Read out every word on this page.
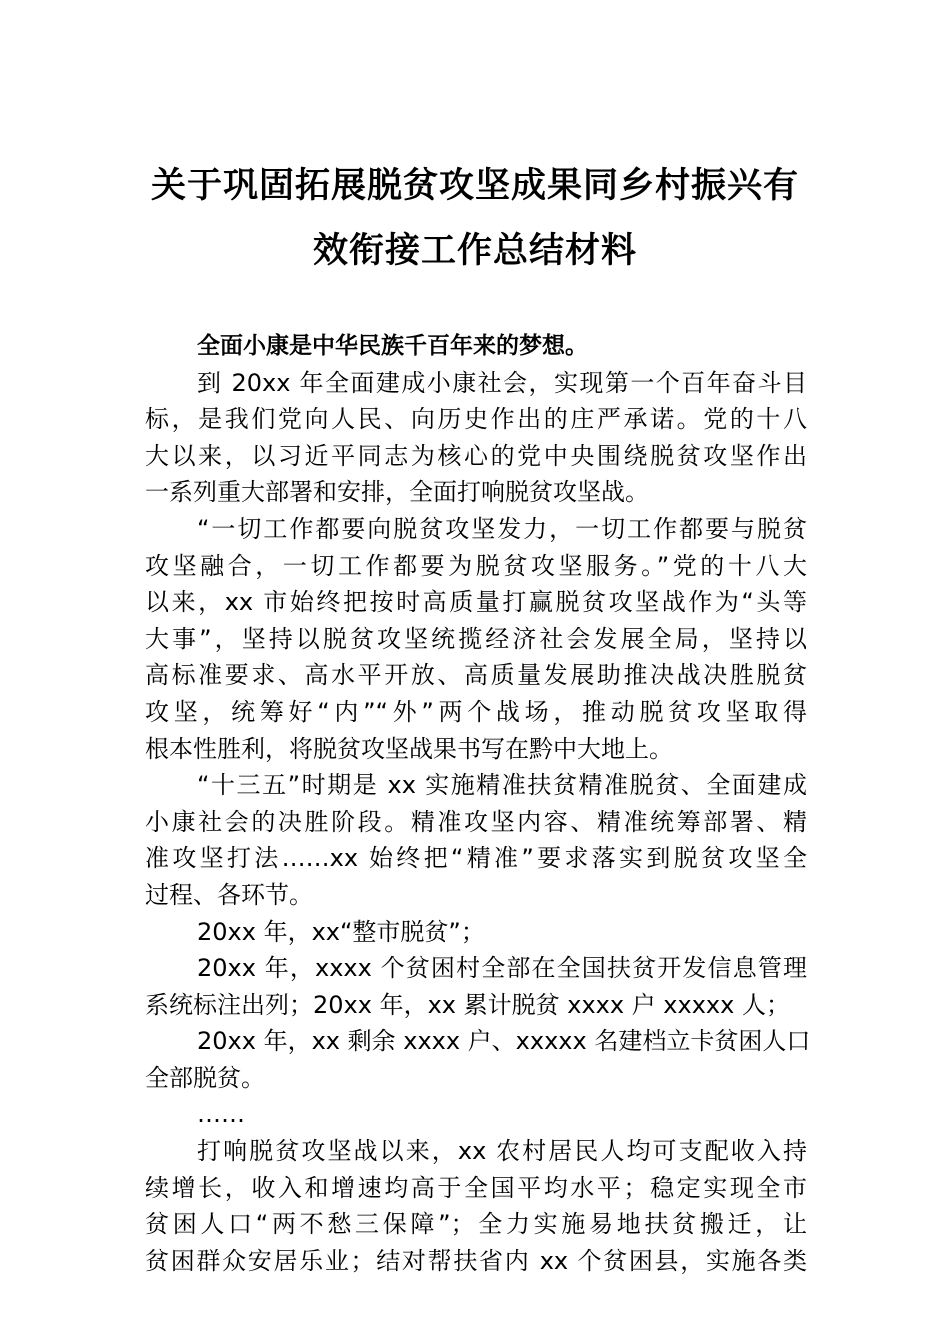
关于巩固拓展脱贫攻坚成果同乡村振兴有
效衔接工作总结材料
全面小康是中华民族千百年来的梦想。
到 20xx 年全面建成小康社会，实现第一个百年奋斗目
标，是我们党向人民、向历史作出的庄严承诺。党的十八
大以来，以习近平同志为核心的党中央围绕脱贫攻坚作出
一系列重大部署和安排，全面打响脱贫攻坚战。
“一切工作都要向脱贫攻坚发力，一切工作都要与脱贫
攻坚融合，一切工作都要为脱贫攻坚服务。”党的十八大
以来，xx 市始终把按时高质量打赢脱贫攻坚战作为“头等
大事”，坚持以脱贫攻坚统揽经济社会发展全局，坚持以
高标准要求、高水平开放、高质量发展助推决战决胜脱贫
攻坚，统筹好“内”“外”两个战场，推动脱贫攻坚取得
根本性胜利，将脱贫攻坚战果书写在黔中大地上。
“十三五”时期是 xx 实施精准扶贫精准脱贫、全面建成
小康社会的决胜阶段。精准攻坚内容、精准统筹部署、精
准攻坚打法……xx 始终把“精准”要求落实到脱贫攻坚全
过程、各环节。
20xx 年，xx“整市脱贫”；
20xx 年，xxxx 个贫困村全部在全国扶贫开发信息管理
系统标注出列；20xx 年，xx 累计脱贫 xxxx 户 xxxxx 人；
20xx 年，xx 剩余 xxxx 户、xxxxx 名建档立卡贫困人口
全部脱贫。
……
打响脱贫攻坚战以来，xx 农村居民人均可支配收入持
续增长，收入和增速均高于全国平均水平；稳定实现全市
贫困人口“两不愁三保障”；全力实施易地扶贫搬迁，让
贫困群众安居乐业；结对帮扶省内 xx 个贫困县，实施各类
